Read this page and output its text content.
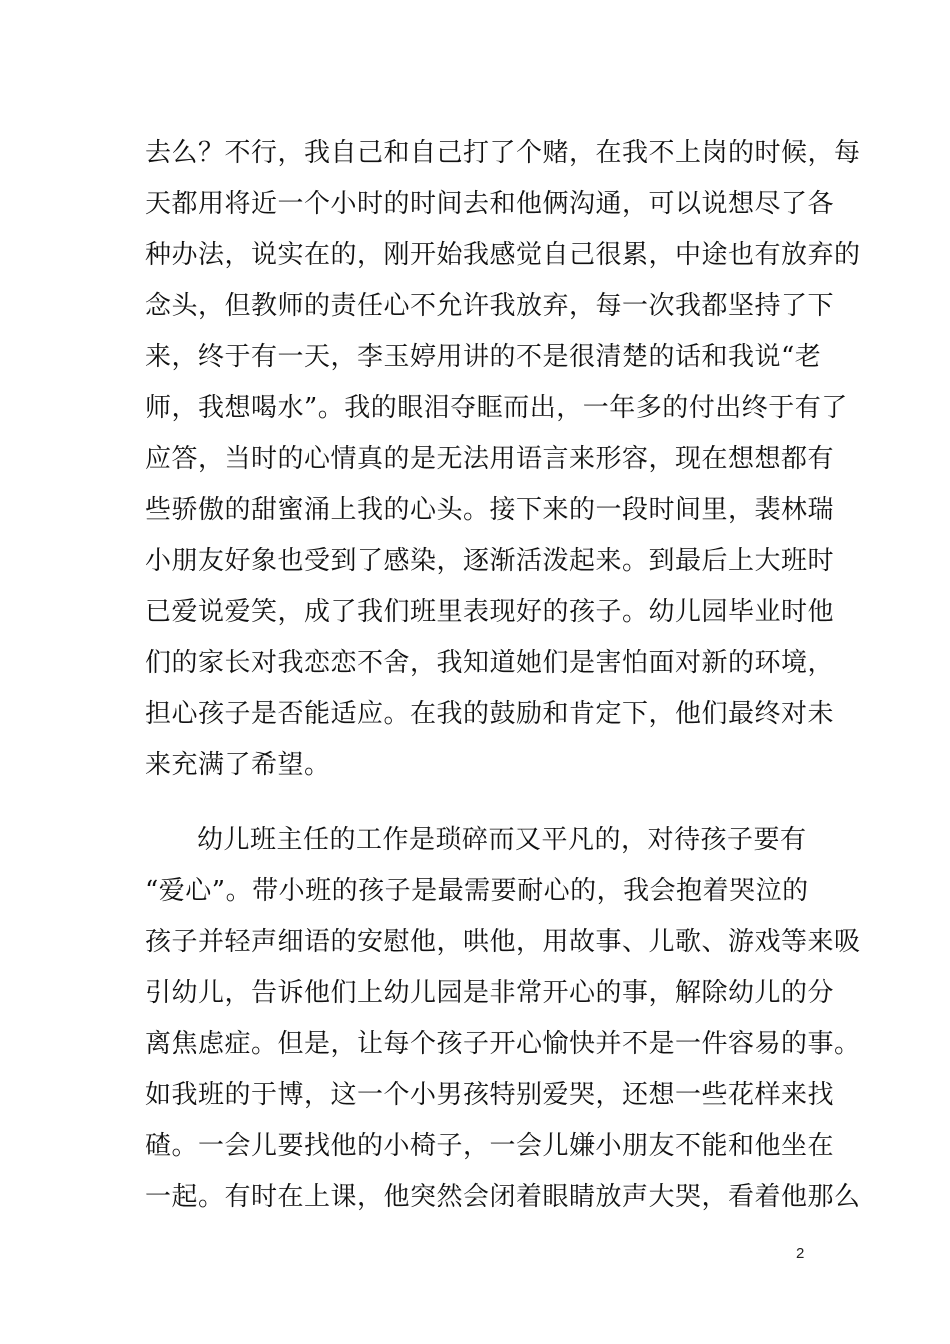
去么？不行，我自己和自己打了个赌，在我不上岗的时候，每
天都用将近一个小时的时间去和他俩沟通，可以说想尽了各
种办法，说实在的，刚开始我感觉自己很累，中途也有放弃的
念头，但教师的责任心不允许我放弃，每一次我都坚持了下
来，终于有一天，李玉婷用讲的不是很清楚的话和我说“老
师，我想喝水”。我的眼泪夺眶而出，一年多的付出终于有了
应答，当时的心情真的是无法用语言来形容，现在想想都有
些骄傲的甜蜜涌上我的心头。接下来的一段时间里，裴林瑞
小朋友好象也受到了感染，逐渐活泼起来。到最后上大班时
已爱说爱笑，成了我们班里表现好的孩子。幼儿园毕业时他
们的家长对我恋恋不舍，我知道她们是害怕面对新的环境，
担心孩子是否能适应。在我的鼓励和肯定下，他们最终对未
来充满了希望。
幼儿班主任的工作是琐碎而又平凡的，对待孩子要有
“爱心”。带小班的孩子是最需要耐心的，我会抱着哭泣的
孩子并轻声细语的安慰他，哄他，用故事、儿歌、游戏等来吸
引幼儿，告诉他们上幼儿园是非常开心的事，解除幼儿的分
离焦虑症。但是，让每个孩子开心愉快并不是一件容易的事。
如我班的于博，这一个小男孩特别爱哭，还想一些花样来找
碴。一会儿要找他的小椅子，一会儿嫌小朋友不能和他坐在
一起。有时在上课，他突然会闭着眼睛放声大哭，看着他那么
2
